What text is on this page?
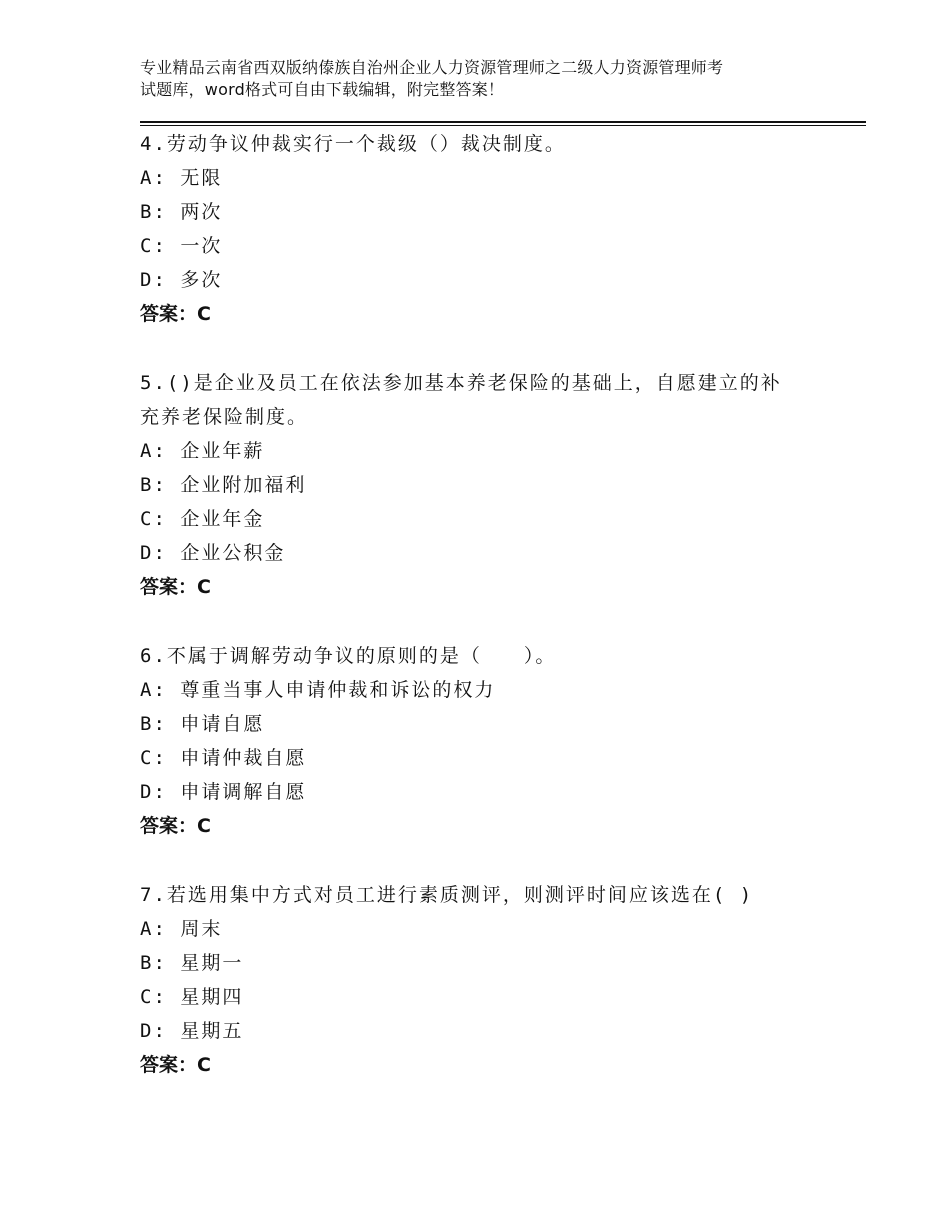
专业精品云南省西双版纳傣族自治州企业人力资源管理师之二级人力资源管理师考
试题库，word格式可自由下载编辑，附完整答案！

4.劳动争议仲裁实行一个裁级（）裁决制度。

A: 无限

B: 两次

C: 一次

D: 多次

答案：C

5.()是企业及员工在依法参加基本养老保险的基础上，自愿建立的补

充养老保险制度。

A: 企业年薪

B: 企业附加福利

C: 企业年金

D: 企业公积金

答案：C

6.不属于调解劳动争议的原则的是（　　）。

A: 尊重当事人申请仲裁和诉讼的权力

B: 申请自愿

C: 申请仲裁自愿

D: 申请调解自愿

答案：C

7.若选用集中方式对员工进行素质测评，则测评时间应该选在( )

A: 周末

B: 星期一

C: 星期四

D: 星期五

答案：C
